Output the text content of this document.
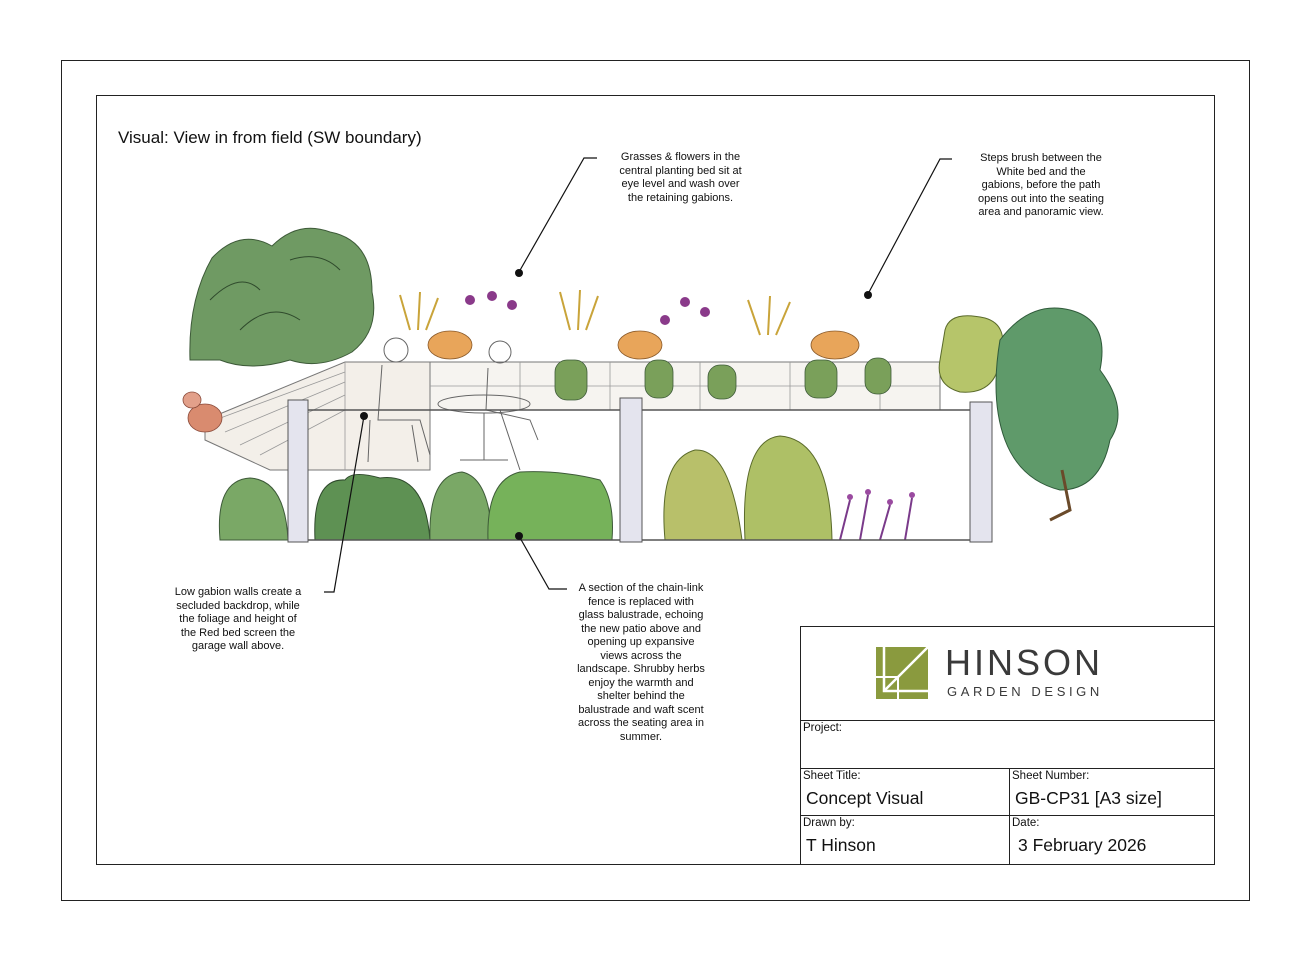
Visual: View in from field (SW boundary)
Grasses & flowers in the
central planting bed sit at
eye level and wash over
the retaining gabions.
Steps brush between the
White bed and the
gabions, before the path
opens out into the seating
area and panoramic view.
Low gabion walls create a
secluded backdrop, while
the foliage and height of
the Red bed screen the
garage wall above.
A section of the chain-link
fence is replaced with
glass balustrade, echoing
the new patio above and
opening up expansive
views across the
landscape. Shrubby herbs
enjoy the warmth and
shelter behind the
balustrade and waft scent
across the seating area in
summer.
HINSON
GARDEN DESIGN
Project:
Sheet Title:
Concept Visual
Sheet Number:
GB-CP31 [A3 size]
Drawn by:
T Hinson
Date:
3 February 2026
